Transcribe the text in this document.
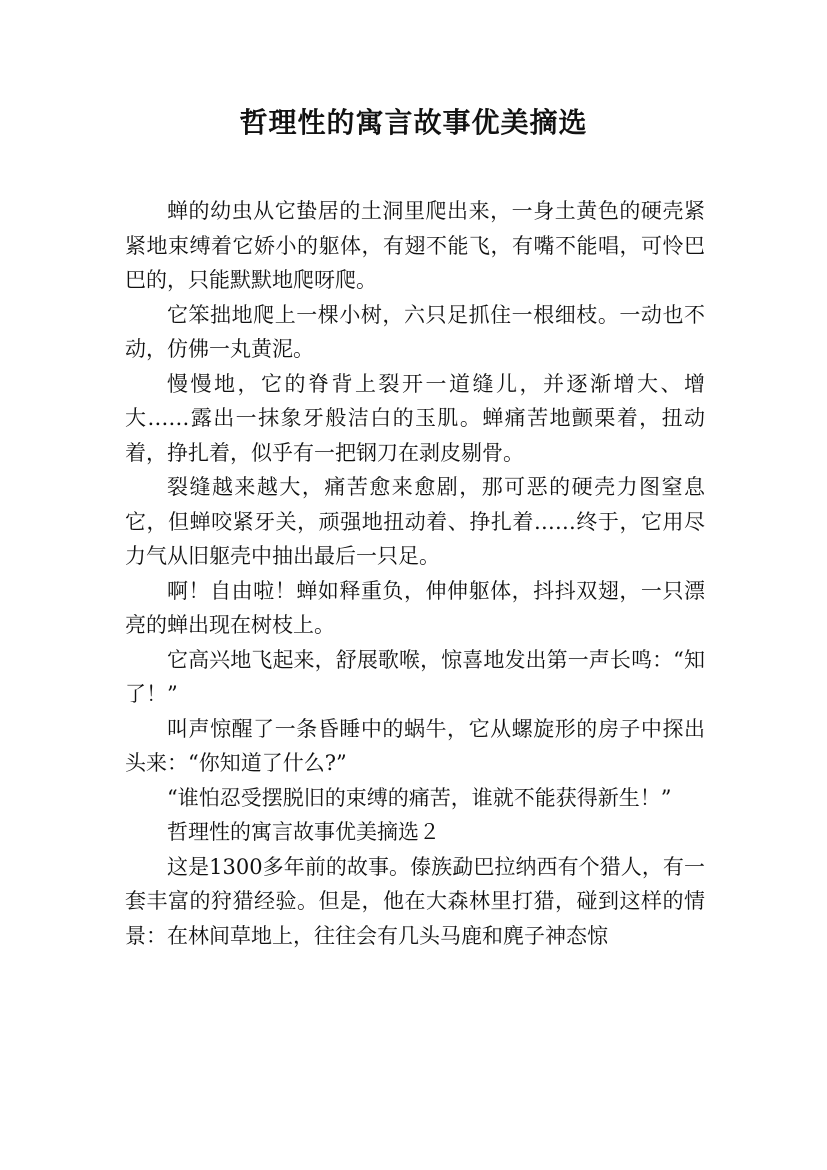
哲理性的寓言故事优美摘选

蝉的幼虫从它蛰居的土洞里爬出来，一身土黄色的硬壳紧紧地束缚着它娇小的躯体，有翅不能飞，有嘴不能唱，可怜巴巴的，只能默默地爬呀爬。

它笨拙地爬上一棵小树，六只足抓住一根细枝。一动也不动，仿佛一丸黄泥。

慢慢地，它的脊背上裂开一道缝儿，并逐渐增大、增大……露出一抹象牙般洁白的玉肌。蝉痛苦地颤栗着，扭动着，挣扎着，似乎有一把钢刀在剥皮剔骨。

裂缝越来越大，痛苦愈来愈剧，那可恶的硬壳力图窒息它，但蝉咬紧牙关，顽强地扭动着、挣扎着……终于，它用尽力气从旧躯壳中抽出最后一只足。

啊！自由啦！蝉如释重负，伸伸躯体，抖抖双翅，一只漂亮的蝉出现在树枝上。

它高兴地飞起来，舒展歌喉，惊喜地发出第一声长鸣：“知了！”

叫声惊醒了一条昏睡中的蜗牛，它从螺旋形的房子中探出头来：“你知道了什么?”

“谁怕忍受摆脱旧的束缚的痛苦，谁就不能获得新生！”

哲理性的寓言故事优美摘选２

这是1300多年前的故事。傣族勐巴拉纳西有个猎人，有一套丰富的狩猎经验。但是，他在大森林里打猎，碰到这样的情景：在林间草地上，往往会有几头马鹿和麂子神态惊
